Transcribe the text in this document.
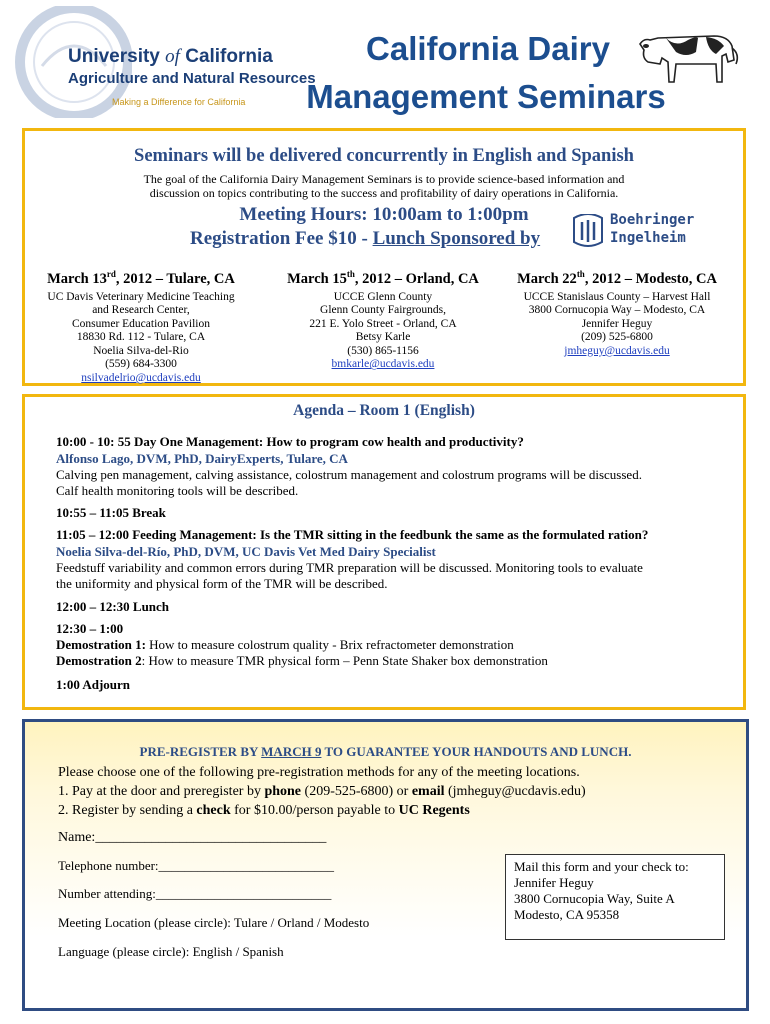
University of California
Agriculture and Natural Resources
Making a Difference for California
California Dairy
Management Seminars
Seminars will be delivered concurrently in English and Spanish
The goal of the California Dairy Management Seminars is to provide science-based information and
discussion on topics contributing to the success and profitability of dairy operations in California.
Meeting Hours: 10:00am to 1:00pm
Registration Fee $10 - Lunch Sponsored by
Boehringer
Ingelheim
March 13rd, 2012 – Tulare, CA
UC Davis Veterinary Medicine Teaching
and Research Center,
Consumer Education Pavilion
18830 Rd. 112 - Tulare, CA
Noelia Silva-del-Rio
(559) 684-3300
nsilvadelrio@ucdavis.edu
March 15th, 2012 – Orland, CA
UCCE Glenn County
Glenn County Fairgrounds,
221 E. Yolo Street - Orland, CA
Betsy Karle
(530) 865-1156
bmkarle@ucdavis.edu
March 22th, 2012 – Modesto, CA
UCCE Stanislaus County – Harvest Hall
3800 Cornucopia Way – Modesto, CA
Jennifer Heguy
(209) 525-6800
jmheguy@ucdavis.edu
Agenda – Room 1 (English)
10:00 - 10: 55 Day One Management: How to program cow health and productivity?
Alfonso Lago, DVM, PhD, DairyExperts, Tulare, CA
Calving pen management, calving assistance, colostrum management and colostrum programs will be discussed.
Calf health monitoring tools will be described.
10:55 – 11:05 Break
11:05 – 12:00 Feeding Management: Is the TMR sitting in the feedbunk the same as the formulated ration?
Noelia Silva-del-Río, PhD, DVM, UC Davis Vet Med Dairy Specialist
Feedstuff variability and common errors during TMR preparation will be discussed. Monitoring tools to evaluate
the uniformity and physical form of the TMR will be described.
12:00 – 12:30 Lunch
12:30 – 1:00
Demostration 1: How to measure colostrum quality - Brix refractometer demonstration
Demostration 2: How to measure TMR physical form – Penn State Shaker box demonstration
1:00 Adjourn
PRE-REGISTER BY MARCH 9 TO GUARANTEE YOUR HANDOUTS AND LUNCH.
Please choose one of the following pre-registration methods for any of the meeting locations.
1. Pay at the door and preregister by phone (209-525-6800) or email (jmheguy@ucdavis.edu)
2. Register by sending a check for $10.00/person payable to UC Regents
Name:_________________________________
Telephone number:___________________________
Number attending:___________________________
Meeting Location (please circle): Tulare / Orland / Modesto
Language (please circle): English / Spanish
Mail this form and your check to:
Jennifer Heguy
3800 Cornucopia Way, Suite A
Modesto, CA 95358
